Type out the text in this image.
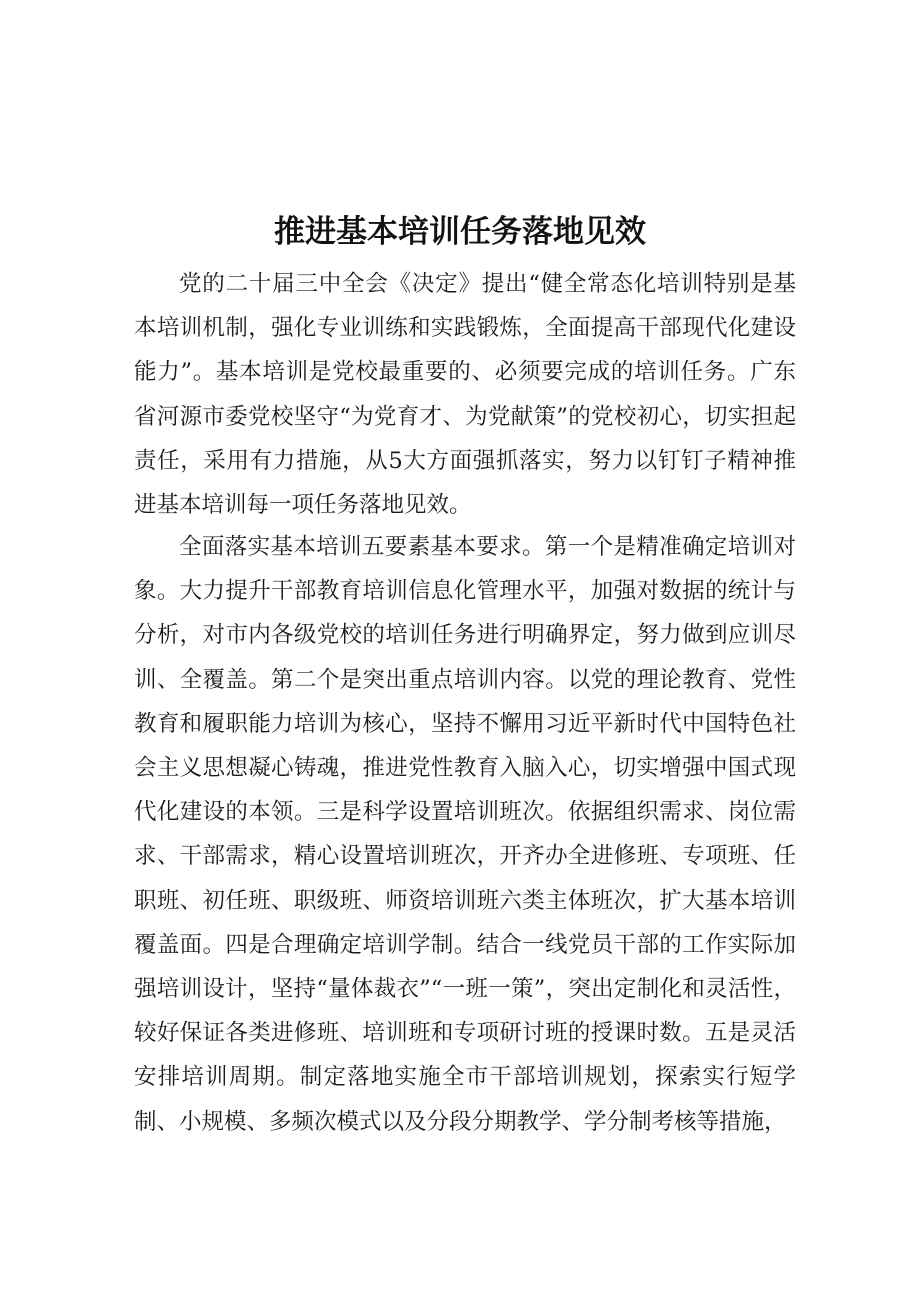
推进基本培训任务落地见效

党的二十届三中全会《决定》提出“健全常态化培训特别是基本培训机制，强化专业训练和实践锻炼，全面提高干部现代化建设能力”。基本培训是党校最重要的、必须要完成的培训任务。广东省河源市委党校坚守“为党育才、为党献策”的党校初心，切实担起责任，采用有力措施，从5大方面强抓落实，努力以钉钉子精神推进基本培训每一项任务落地见效。

全面落实基本培训五要素基本要求。第一个是精准确定培训对象。大力提升干部教育培训信息化管理水平，加强对数据的统计与分析，对市内各级党校的培训任务进行明确界定，努力做到应训尽训、全覆盖。第二个是突出重点培训内容。以党的理论教育、党性教育和履职能力培训为核心，坚持不懈用习近平新时代中国特色社会主义思想凝心铸魂，推进党性教育入脑入心，切实增强中国式现代化建设的本领。三是科学设置培训班次。依据组织需求、岗位需求、干部需求，精心设置培训班次，开齐办全进修班、专项班、任职班、初任班、职级班、师资培训班六类主体班次，扩大基本培训覆盖面。四是合理确定培训学制。结合一线党员干部的工作实际加强培训设计，坚持“量体裁衣”“一班一策”，突出定制化和灵活性，较好保证各类进修班、培训班和专项研讨班的授课时数。五是灵活安排培训周期。制定落地实施全市干部培训规划，探索实行短学制、小规模、多频次模式以及分段分期教学、学分制考核等措施，
